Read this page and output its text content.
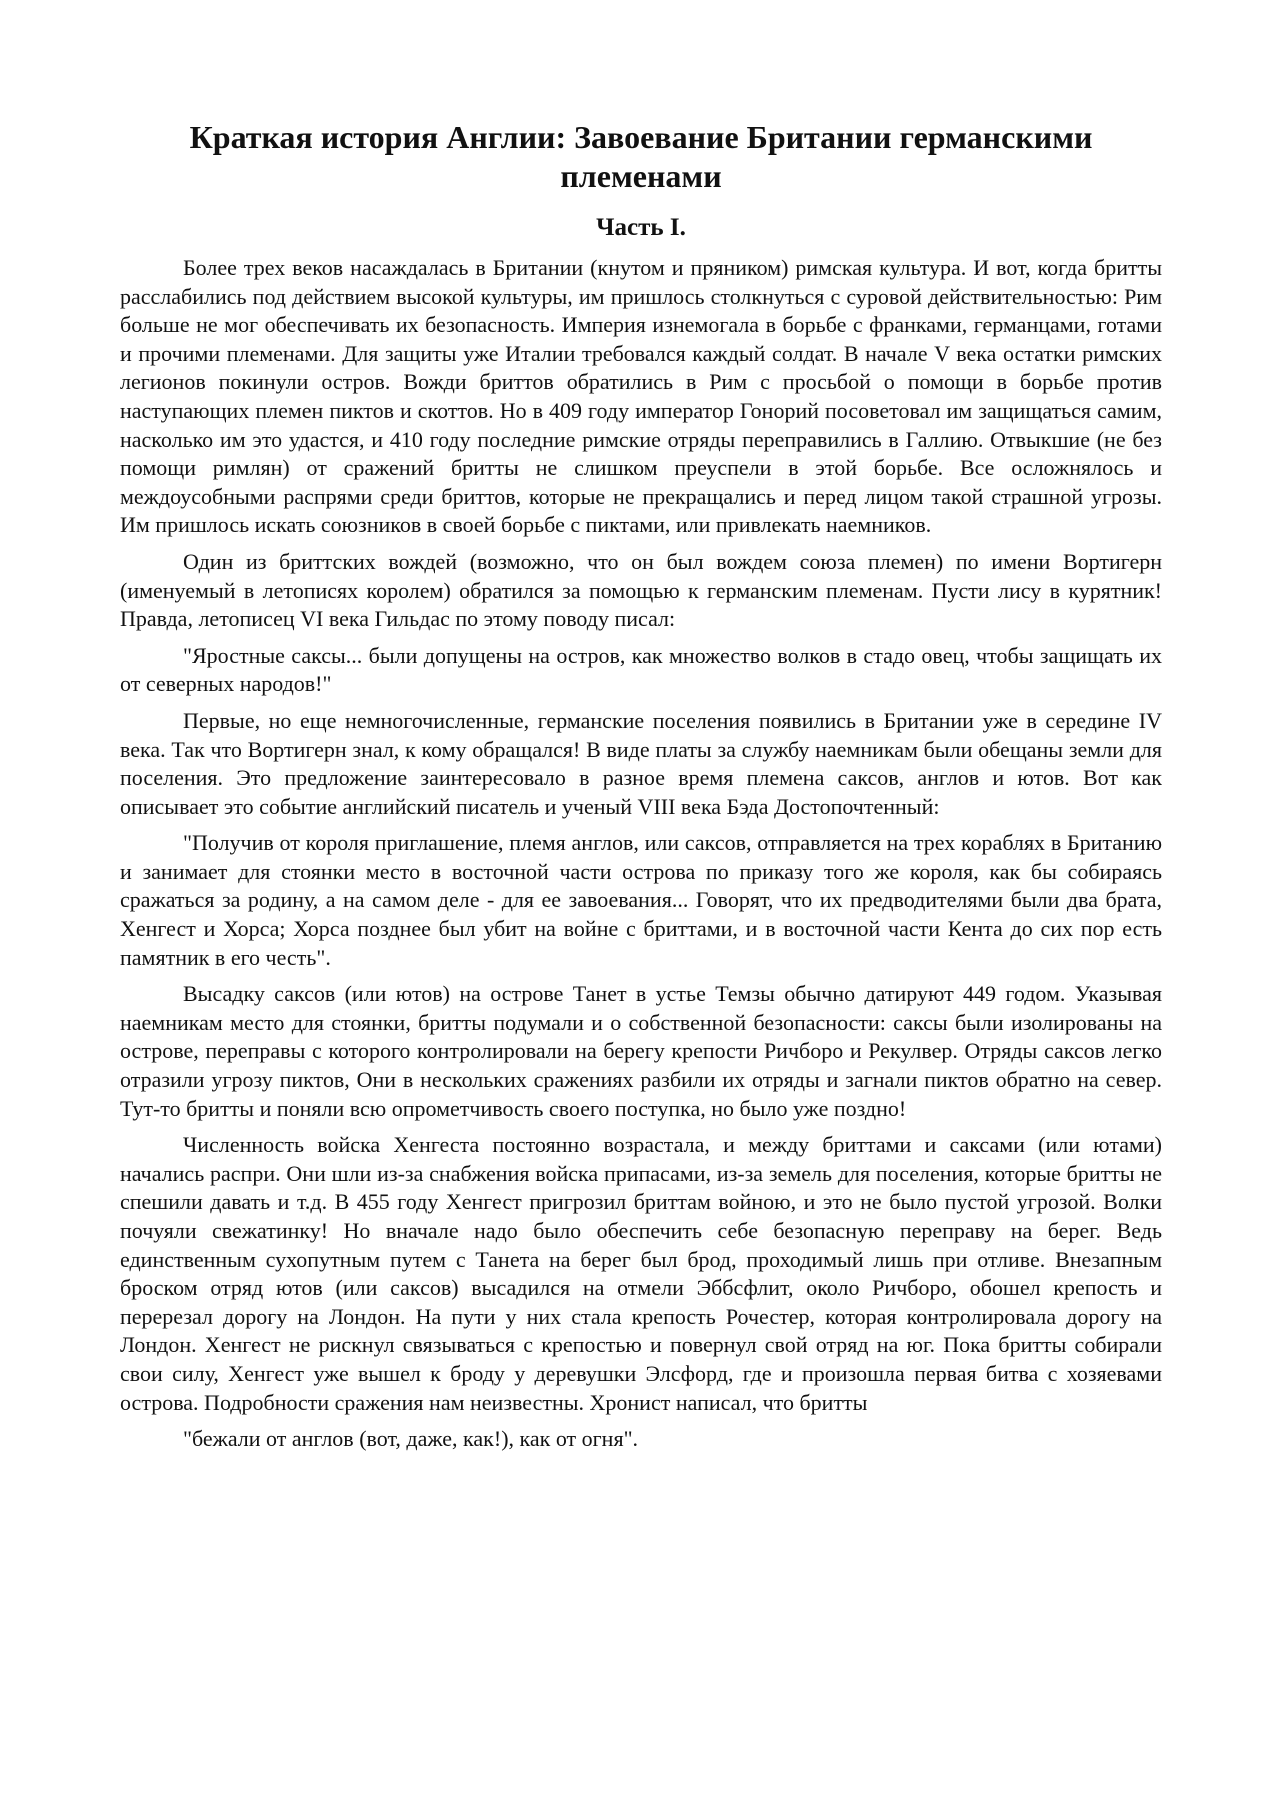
Краткая история Англии: Завоевание Британии германскими племенами
Часть I.

Более трех веков насаждалась в Британии (кнутом и пряником) римская культура. И вот, когда бритты расслабились под действием высокой культуры, им пришлось столкнуться с суровой действительностью: Рим больше не мог обеспечивать их безопасность. Империя изнемогала в борьбе с франками, германцами, готами и прочими племенами. Для защиты уже Италии требовался каждый солдат. В начале V века остатки римских легионов покинули остров. Вожди бриттов обратились в Рим с просьбой о помощи в борьбе против наступающих племен пиктов и скоттов. Но в 409 году император Гонорий посоветовал им защищаться самим, насколько им это удастся, и 410 году последние римские отряды переправились в Галлию. Отвыкшие (не без помощи римлян) от сражений бритты не слишком преуспели в этой борьбе. Все осложнялось и междоусобными распрями среди бриттов, которые не прекращались и перед лицом такой страшной угрозы. Им пришлось искать союзников в своей борьбе с пиктами, или привлекать наемников.

Один из бриттских вождей (возможно, что он был вождем союза племен) по имени Вортигерн (именуемый в летописях королем) обратился за помощью к германским племенам. Пусти лису в курятник! Правда, летописец VI века Гильдас по этому поводу писал:

"Яростные саксы... были допущены на остров, как множество волков в стадо овец, чтобы защищать их от северных народов!"

Первые, но еще немногочисленные, германские поселения появились в Британии уже в середине IV века. Так что Вортигерн знал, к кому обращался! В виде платы за службу наемникам были обещаны земли для поселения. Это предложение заинтересовало в разное время племена саксов, англов и ютов. Вот как описывает это событие английский писатель и ученый VIII века Бэда Достопочтенный:

"Получив от короля приглашение, племя англов, или саксов, отправляется на трех кораблях в Британию и занимает для стоянки место в восточной части острова по приказу того же короля, как бы собираясь сражаться за родину, а на самом деле - для ее завоевания... Говорят, что их предводителями были два брата, Хенгест и Хорса; Хорса позднее был убит на войне с бриттами, и в восточной части Кента до сих пор есть памятник в его честь".

Высадку саксов (или ютов) на острове Танет в устье Темзы обычно датируют 449 годом. Указывая наемникам место для стоянки, бритты подумали и о собственной безопасности: саксы были изолированы на острове, переправы с которого контролировали на берегу крепости Ричборо и Рекулвер. Отряды саксов легко отразили угрозу пиктов, Они в нескольких сражениях разбили их отряды и загнали пиктов обратно на север. Тут-то бритты и поняли всю опрометчивость своего поступка, но было уже поздно!

Численность войска Хенгеста постоянно возрастала, и между бриттами и саксами (или ютами) начались распри. Они шли из-за снабжения войска припасами, из-за земель для поселения, которые бритты не спешили давать и т.д. В 455 году Хенгест пригрозил бриттам войною, и это не было пустой угрозой. Волки почуяли свежатинку! Но вначале надо было обеспечить себе безопасную переправу на берег. Ведь единственным сухопутным путем с Танета на берег был брод, проходимый лишь при отливе. Внезапным броском отряд ютов (или саксов) высадился на отмели Эббсфлит, около Ричборо, обошел крепость и перерезал дорогу на Лондон. На пути у них стала крепость Рочестер, которая контролировала дорогу на Лондон. Хенгест не рискнул связываться с крепостью и повернул свой отряд на юг. Пока бритты собирали свои силу, Хенгест уже вышел к броду у деревушки Элсфорд, где и произошла первая битва с хозяевами острова. Подробности сражения нам неизвестны. Хронист написал, что бритты

"бежали от англов (вот, даже, как!), как от огня".
